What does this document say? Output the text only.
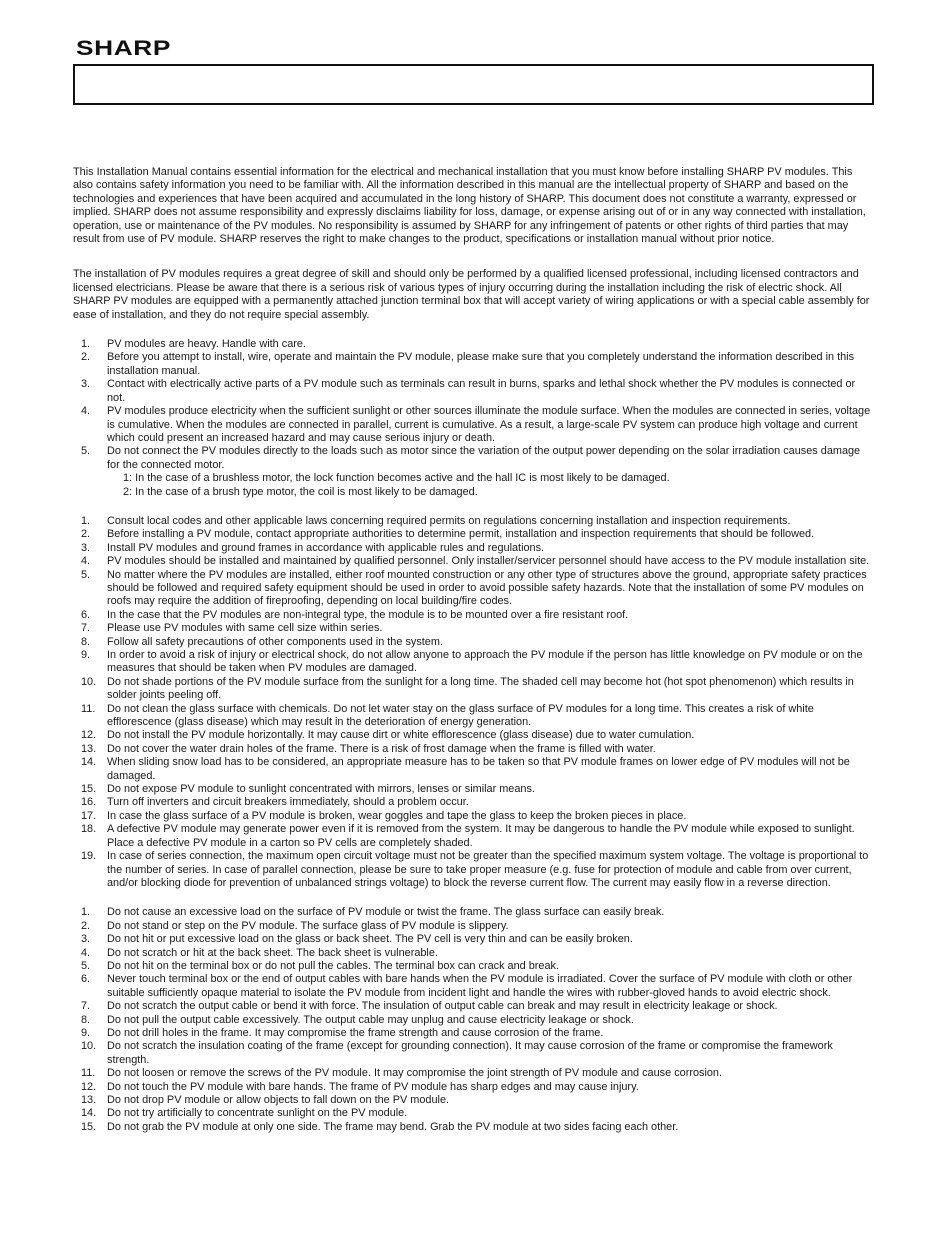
SHARP

This Installation Manual contains essential information for the electrical and mechanical installation that you must know before installing SHARP PV modules. This also contains safety information you need to be familiar with. All the information described in this manual are the intellectual property of SHARP and based on the technologies and experiences that have been acquired and accumulated in the long history of SHARP. This document does not constitute a warranty, expressed or implied. SHARP does not assume responsibility and expressly disclaims liability for loss, damage, or expense arising out of or in any way connected with installation, operation, use or maintenance of the PV modules. No responsibility is assumed by SHARP for any infringement of patents or other rights of third parties that may result from use of PV module. SHARP reserves the right to make changes to the product, specifications or installation manual without prior notice.

The installation of PV modules requires a great degree of skill and should only be performed by a qualified licensed professional, including licensed contractors and licensed electricians. Please be aware that there is a serious risk of various types of injury occurring during the installation including the risk of electric shock. All SHARP PV modules are equipped with a permanently attached junction terminal box that will accept variety of wiring applications or with a special cable assembly for ease of installation, and they do not require special assembly.

1.	PV modules are heavy. Handle with care.
2.	Before you attempt to install, wire, operate and maintain the PV module, please make sure that you completely understand the information described in this installation manual.
3.	Contact with electrically active parts of a PV module such as terminals can result in burns, sparks and lethal shock whether the PV modules is connected or not.
4.	PV modules produce electricity when the sufficient sunlight or other sources illuminate the module surface. When the modules are connected in series, voltage is cumulative. When the modules are connected in parallel, current is cumulative. As a result, a large-scale PV system can produce high voltage and current which could present an increased hazard and may cause serious injury or death.
5.	Do not connect the PV modules directly to the loads such as motor since the variation of the output power depending on the solar irradiation causes damage for the connected motor.
1: In the case of a brushless motor, the lock function becomes active and the hall IC is most likely to be damaged.
2: In the case of a brush type motor, the coil is most likely to be damaged.
1.	Consult local codes and other applicable laws concerning required permits on regulations concerning installation and inspection requirements.
2.	Before installing a PV module, contact appropriate authorities to determine permit, installation and inspection requirements that should be followed.
3.	Install PV modules and ground frames in accordance with applicable rules and regulations.
4.	PV modules should be installed and maintained by qualified personnel. Only installer/servicer personnel should have access to the PV module installation site.
5.	No matter where the PV modules are installed, either roof mounted construction or any other type of structures above the ground, appropriate safety practices should be followed and required safety equipment should be used in order to avoid possible safety hazards. Note that the installation of some PV modules on roofs may require the addition of fireproofing, depending on local building/fire codes.
6.	In the case that the PV modules are non-integral type, the module is to be mounted over a fire resistant roof.
7.	Please use PV modules with same cell size within series.
8.	Follow all safety precautions of other components used in the system.
9.	In order to avoid a risk of injury or electrical shock, do not allow anyone to approach the PV module if the person has little knowledge on PV module or on the measures that should be taken when PV modules are damaged.
10. Do not shade portions of the PV module surface from the sunlight for a long time. The shaded cell may become hot (hot spot phenomenon) which results in solder joints peeling off.
11.	Do not clean the glass surface with chemicals. Do not let water stay on the glass surface of PV modules for a long time. This creates a risk of white efflorescence (glass disease) which may result in the deterioration of energy generation.
12. Do not install the PV module horizontally. It may cause dirt or white efflorescence (glass disease) due to water cumulation.
13. Do not cover the water drain holes of the frame. There is a risk of frost damage when the frame is filled with water.
14. When sliding snow load has to be considered, an appropriate measure has to be taken so that PV module frames on lower edge of PV modules will not be damaged.
15. Do not expose PV module to sunlight concentrated with mirrors, lenses or similar means.
16. Turn off inverters and circuit breakers immediately, should a problem occur.
17. In case the glass surface of a PV module is broken, wear goggles and tape the glass to keep the broken pieces in place.
18. A defective PV module may generate power even if it is removed from the system. It may be dangerous to handle the PV module while exposed to sunlight. Place a defective PV module in a carton so PV cells are completely shaded.
19. In case of series connection, the maximum open circuit voltage must not be greater than the specified maximum system voltage. The voltage is proportional to the number of series. In case of parallel connection, please be sure to take proper measure (e.g. fuse for protection of module and cable from over current, and/or blocking diode for prevention of unbalanced strings voltage) to block the reverse current flow. The current may easily flow in a reverse direction.
1.	Do not cause an excessive load on the surface of PV module or twist the frame. The glass surface can easily break.
2.	Do not stand or step on the PV module. The surface glass of PV module is slippery.
3.	Do not hit or put excessive load on the glass or back sheet. The PV cell is very thin and can be easily broken.
4.	Do not scratch or hit at the back sheet. The back sheet is vulnerable.
5.	Do not hit on the terminal box or do not pull the cables. The terminal box can crack and break.
6.	Never touch terminal box or the end of output cables with bare hands when the PV module is irradiated. Cover the surface of PV module with cloth or other suitable sufficiently opaque material to isolate the PV module from incident light and handle the wires with rubber-gloved hands to avoid electric shock.
7.	Do not scratch the output cable or bend it with force. The insulation of output cable can break and may result in electricity leakage or shock.
8.	Do not pull the output cable excessively. The output cable may unplug and cause electricity leakage or shock.
9.	Do not drill holes in the frame. It may compromise the frame strength and cause corrosion of the frame.
10. Do not scratch the insulation coating of the frame (except for grounding connection). It may cause corrosion of the frame or compromise the framework strength.
11.	Do not loosen or remove the screws of the PV module. It may compromise the joint strength of PV module and cause corrosion.
12. Do not touch the PV module with bare hands. The frame of PV module has sharp edges and may cause injury.
13. Do not drop PV module or allow objects to fall down on the PV module.
14. Do not try artificially to concentrate sunlight on the PV module.
15. Do not grab the PV module at only one side. The frame may bend. Grab the PV module at two sides facing each other.
